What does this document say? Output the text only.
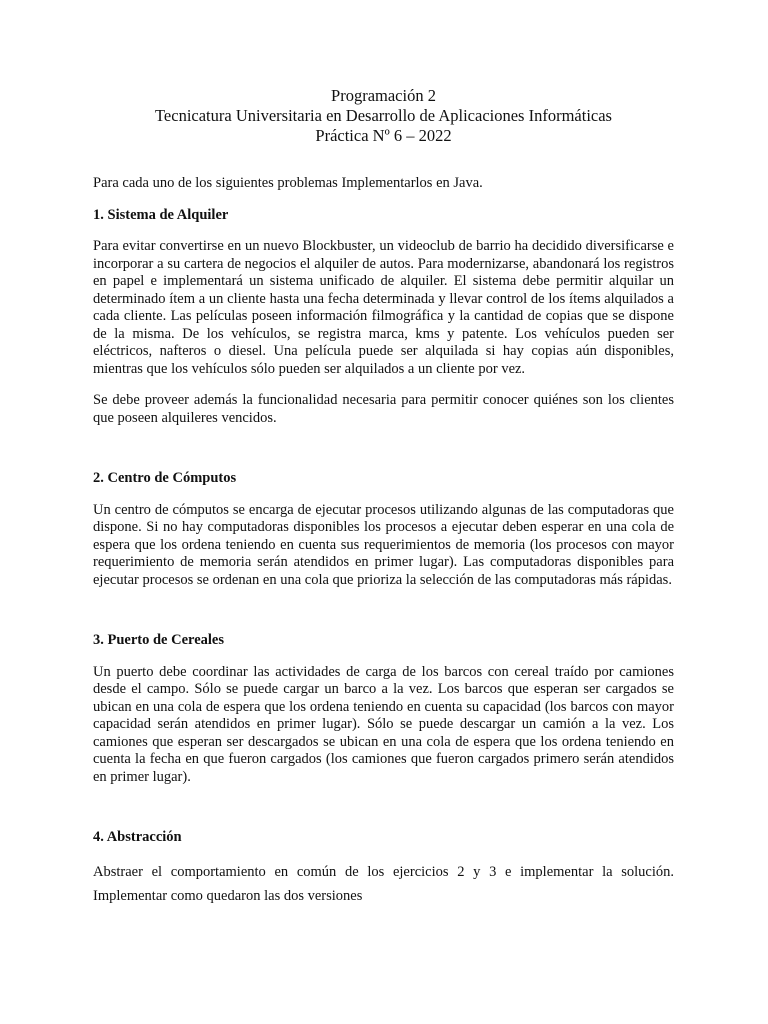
Programación 2
Tecnicatura Universitaria en Desarrollo de Aplicaciones Informáticas
Práctica Nº 6 – 2022
Para cada uno de los siguientes problemas Implementarlos en Java.
1. Sistema de Alquiler

Para evitar convertirse en un nuevo Blockbuster, un videoclub de barrio ha decidido diversificarse e incorporar a su cartera de negocios el alquiler de autos. Para modernizarse, abandonará los registros en papel e implementará un sistema unificado de alquiler. El sistema debe permitir alquilar un determinado ítem a un cliente hasta una fecha determinada y llevar control de los ítems alquilados a cada cliente. Las películas poseen información filmográfica y la cantidad de copias que se dispone de la misma. De los vehículos, se registra marca, kms y patente. Los vehículos pueden ser eléctricos, nafteros o diesel. Una película puede ser alquilada si hay copias aún disponibles, mientras que los vehículos sólo pueden ser alquilados a un cliente por vez.

Se debe proveer además la funcionalidad necesaria para permitir conocer quiénes son los clientes que poseen alquileres vencidos.

2. Centro de Cómputos

Un centro de cómputos se encarga de ejecutar procesos utilizando algunas de las computadoras que dispone. Si no hay computadoras disponibles los procesos a ejecutar deben esperar en una cola de espera que los ordena teniendo en cuenta sus requerimientos de memoria (los procesos con mayor requerimiento de memoria serán atendidos en primer lugar). Las computadoras disponibles para ejecutar procesos se ordenan en una cola que prioriza la selección de las computadoras más rápidas.

3. Puerto de Cereales

Un puerto debe coordinar las actividades de carga de los barcos con cereal traído por camiones desde el campo. Sólo se puede cargar un barco a la vez. Los barcos que esperan ser cargados se ubican en una cola de espera que los ordena teniendo en cuenta su capacidad (los barcos con mayor capacidad serán atendidos en primer lugar). Sólo se puede descargar un camión a la vez. Los camiones que esperan ser descargados se ubican en una cola de espera que los ordena teniendo en cuenta la fecha en que fueron cargados (los camiones que fueron cargados primero serán atendidos en primer lugar).

4. Abstracción

Abstraer el comportamiento en común de los ejercicios 2 y 3 e implementar la solución. Implementar como quedaron las dos versiones
